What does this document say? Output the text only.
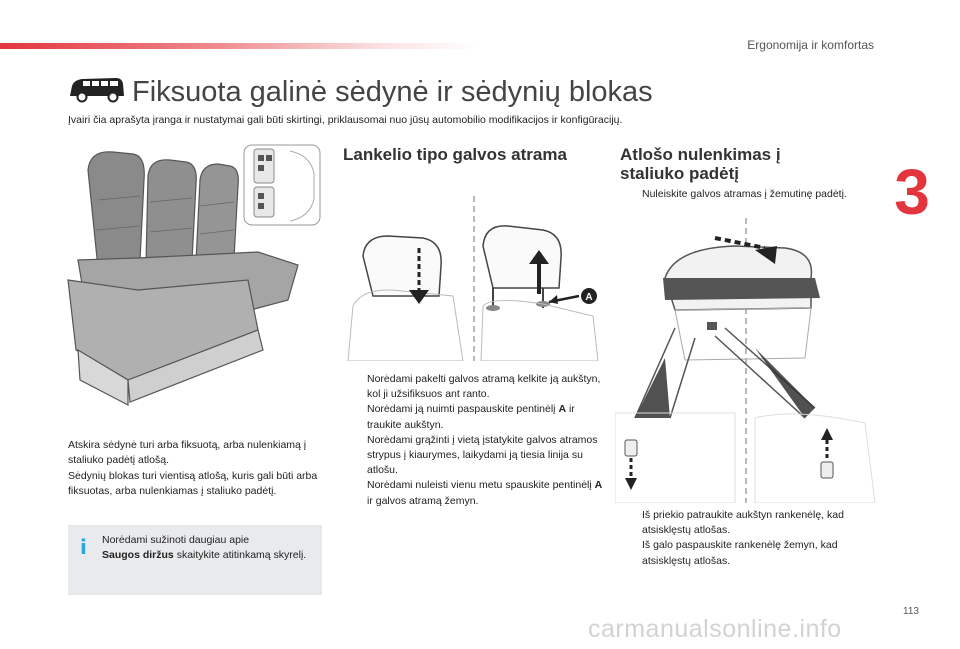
Ergonomija ir komfortas
3
Fiksuota galinė sėdynė ir sėdynių blokas
Įvairi čia aprašyta įranga ir nustatymai gali būti skirtingi, priklausomai nuo jūsų automobilio modifikacijos ir konfigūracijų.

Atskira sėdynė turi arba fiksuotą, arba nulenkiamą į staliuko padėtį atlošą.

Sėdynių blokas turi vientisą atlošą, kuris gali būti arba fiksuotas, arba nulenkiamas į staliuko padėtį.

i Norėdami sužinoti daugiau apie
Saugos diržus skaitykite atitinkamą skyrelį.
Lankelio tipo galvos atrama
A
Norėdami pakelti galvos atramą kelkite ją aukštyn, kol ji užsifiksuos ant ranto.
Norėdami ją nuimti paspauskite pentinėlį A ir traukite aukštyn.
Norėdami grąžinti į vietą įstatykite galvos atramos strypus į kiaurymes, laikydami ją tiesia linija su atlošu.
Norėdami nuleisti vienu metu spauskite pentinėlį A ir galvos atramą žemyn.
Atlošo nulenkimas į staliuko padėtį
Nuleiskite galvos atramas į žemutinę padėtį.
Iš priekio patraukite aukštyn rankenėlę, kad atsisklęstų atlošas.
Iš galo paspauskite rankenėlę žemyn, kad atsisklęstų atlošas.
113
carmanualsonline.info
